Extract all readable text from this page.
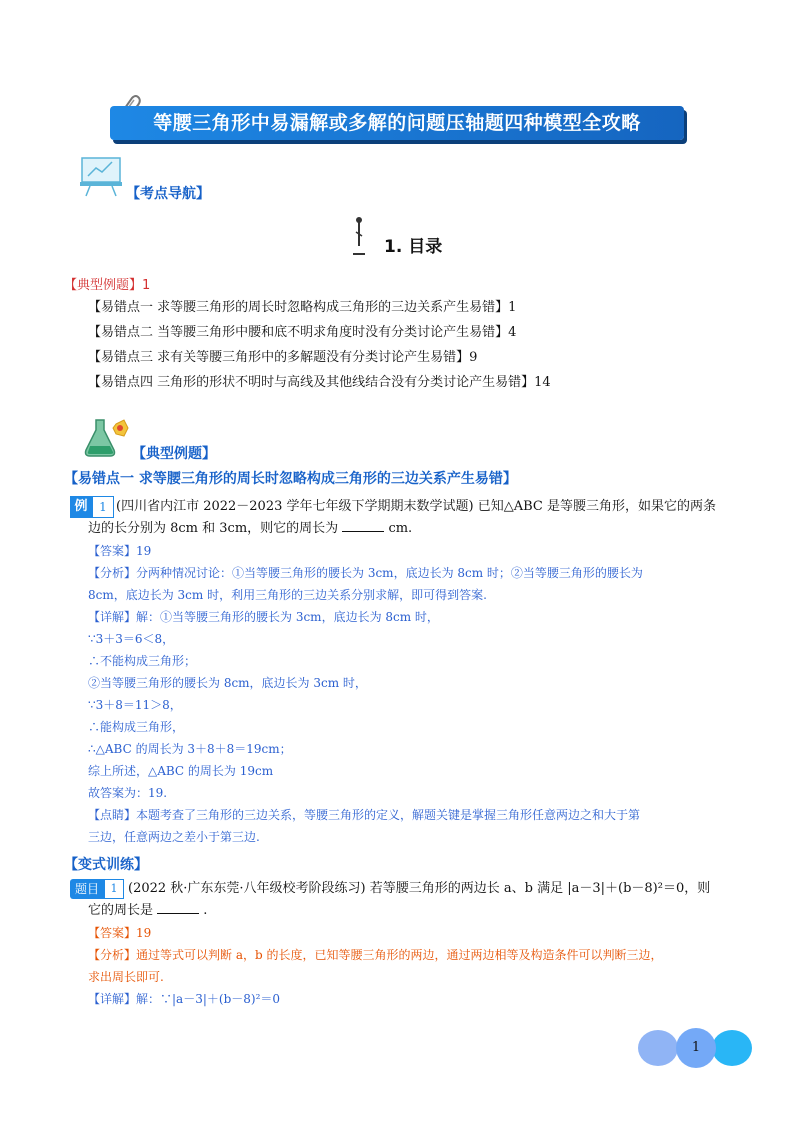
等腰三角形中易漏解或多解的问题压轴题四种模型全攻略
【考点导航】
1. 目录
【典型例题】1
【易错点一 求等腰三角形的周长时忽略构成三角形的三边关系产生易错】1
【易错点二 当等腰三角形中腰和底不明求角度时没有分类讨论产生易错】4
【易错点三 求有关等腰三角形中的多解题没有分类讨论产生易错】9
【易错点四 三角形的形状不明时与高线及其他线结合没有分类讨论产生易错】14
【典型例题】
【易错点一 求等腰三角形的周长时忽略构成三角形的三边关系产生易错】
例 1 (四川省内江市 2022－2023 学年七年级下学期期末数学试题) 已知△ABC 是等腰三角形，如果它的两条
边的长分别为 8cm 和 3cm，则它的周长为	cm.
【答案】19
【分析】分两种情况讨论：①当等腰三角形的腰长为 3cm，底边长为 8cm 时；②当等腰三角形的腰长为
8cm，底边长为 3cm 时，利用三角形的三边关系分别求解，即可得到答案.
【详解】解：①当等腰三角形的腰长为 3cm，底边长为 8cm 时，
∵3＋3＝6＜8，
∴不能构成三角形；
②当等腰三角形的腰长为 8cm，底边长为 3cm 时，
∵3＋8＝11＞8，
∴能构成三角形，
∴△ABC 的周长为 3＋8＋8＝19cm；
综上所述，△ABC 的周长为 19cm
故答案为：19.
【点睛】本题考查了三角形的三边关系，等腰三角形的定义，解题关键是掌握三角形任意两边之和大于第
三边，任意两边之差小于第三边.
【变式训练】
题目	1 (2022 秋·广东东莞·八年级校考阶段练习) 若等腰三角形的两边长 a、b 满足 |a－3|＋(b－8)²＝0，则
它的周长是	.
【答案】19
【分析】通过等式可以判断 a，b 的长度，已知等腰三角形的两边，通过两边相等及构造条件可以判断三边，
求出周长即可.
【详解】解：∵|a－3|＋(b－8)²＝0
1
